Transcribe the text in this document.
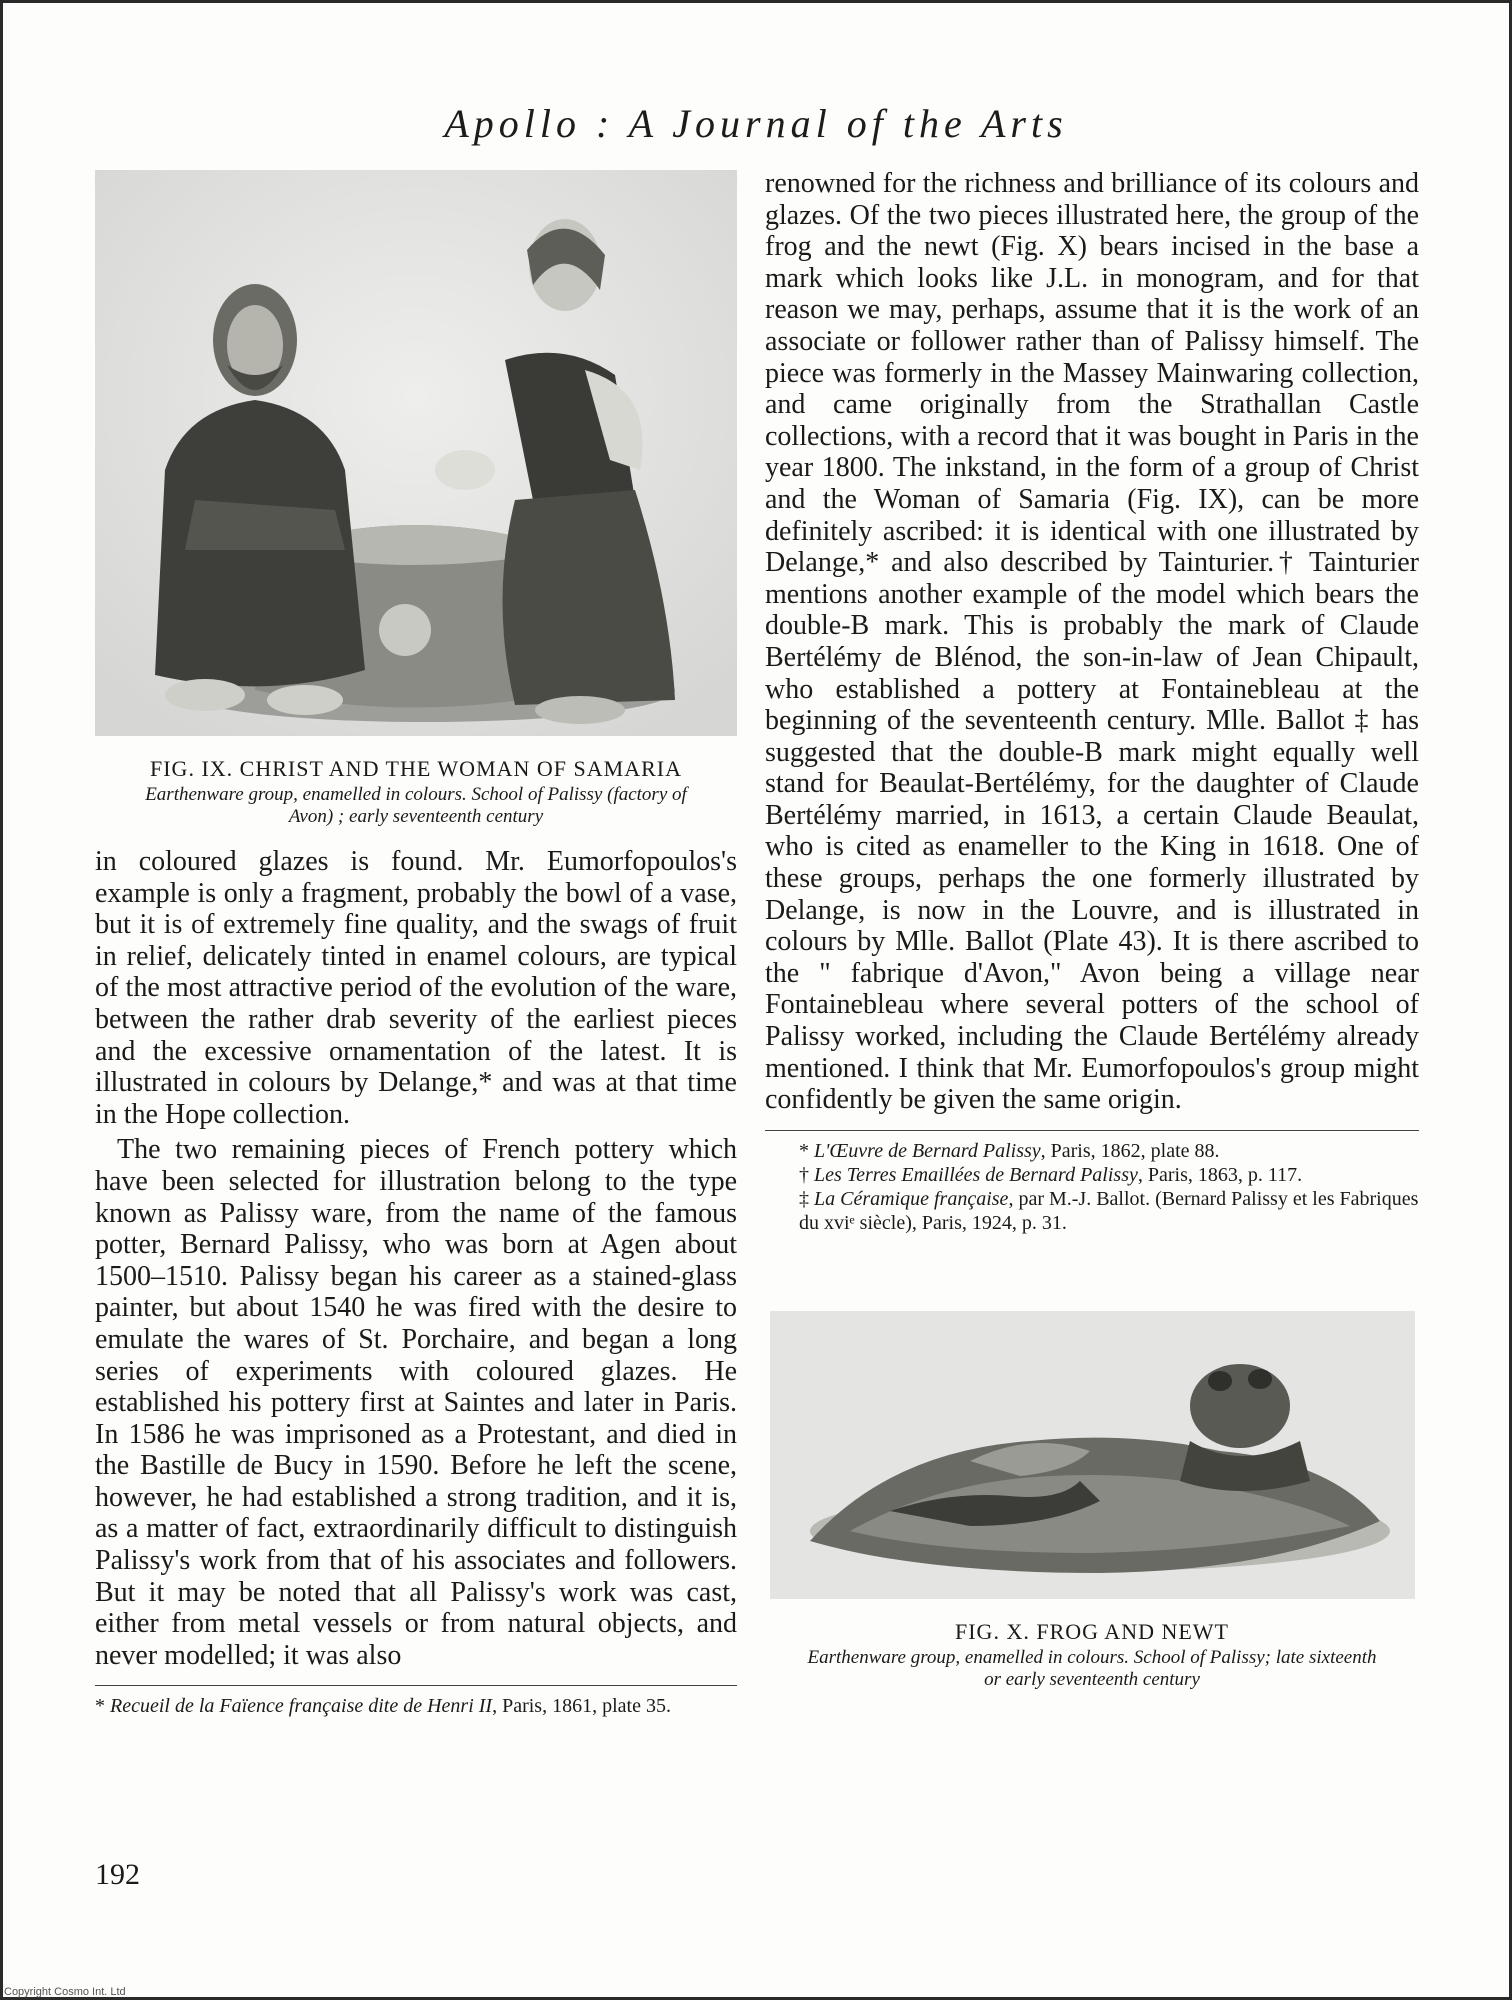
Apollo : A Journal of the Arts
FIG. IX. CHRIST AND THE WOMAN OF SAMARIA
Earthenware group, enamelled in colours. School of Palissy (factory of Avon) ; early seventeenth century

in coloured glazes is found. Mr. Eumorfopoulos's example is only a fragment, probably the bowl of a vase, but it is of extremely fine quality, and the swags of fruit in relief, delicately tinted in enamel colours, are typical of the most attractive period of the evolution of the ware, between the rather drab severity of the earliest pieces and the excessive ornamentation of the latest. It is illustrated in colours by Delange,* and was at that time in the Hope collection.

The two remaining pieces of French pottery which have been selected for illustration belong to the type known as Palissy ware, from the name of the famous potter, Bernard Palissy, who was born at Agen about 1500–1510. Palissy began his career as a stained-glass painter, but about 1540 he was fired with the desire to emulate the wares of St. Porchaire, and began a long series of experiments with coloured glazes. He established his pottery first at Saintes and later in Paris. In 1586 he was imprisoned as a Protestant, and died in the Bastille de Bucy in 1590. Before he left the scene, however, he had established a strong tradition, and it is, as a matter of fact, extraordinarily difficult to distinguish Palissy's work from that of his associates and followers. But it may be noted that all Palissy's work was cast, either from metal vessels or from natural objects, and never modelled; it was also

* Recueil de la Faïence française dite de Henri II, Paris, 1861, plate 35.

renowned for the richness and brilliance of its colours and glazes. Of the two pieces illustrated here, the group of the frog and the newt (Fig. X) bears incised in the base a mark which looks like J.L. in monogram, and for that reason we may, perhaps, assume that it is the work of an associate or follower rather than of Palissy himself. The piece was formerly in the Massey Mainwaring collection, and came originally from the Strathallan Castle collections, with a record that it was bought in Paris in the year 1800. The inkstand, in the form of a group of Christ and the Woman of Samaria (Fig. IX), can be more definitely ascribed: it is identical with one illustrated by Delange,* and also described by Tainturier.† Tainturier mentions another example of the model which bears the double-B mark. This is probably the mark of Claude Bertélémy de Blénod, the son-in-law of Jean Chipault, who established a pottery at Fontainebleau at the beginning of the seventeenth century. Mlle. Ballot ‡ has suggested that the double-B mark might equally well stand for Beaulat-Bertélémy, for the daughter of Claude Bertélémy married, in 1613, a certain Claude Beaulat, who is cited as enameller to the King in 1618. One of these groups, perhaps the one formerly illustrated by Delange, is now in the Louvre, and is illustrated in colours by Mlle. Ballot (Plate 43). It is there ascribed to the " fabrique d'Avon," Avon being a village near Fontainebleau where several potters of the school of Palissy worked, including the Claude Bertélémy already mentioned. I think that Mr. Eumorfopoulos's group might confidently be given the same origin.

* L'Œuvre de Bernard Palissy, Paris, 1862, plate 88.

† Les Terres Emaillées de Bernard Palissy, Paris, 1863, p. 117.

‡ La Céramique française, par M.-J. Ballot. (Bernard Palissy et les Fabriques du xviᵉ siècle), Paris, 1924, p. 31.

FIG. X. FROG AND NEWT
Earthenware group, enamelled in colours. School of Palissy; late sixteenth or early seventeenth century
192
Copyright Cosmo Int. Ltd
